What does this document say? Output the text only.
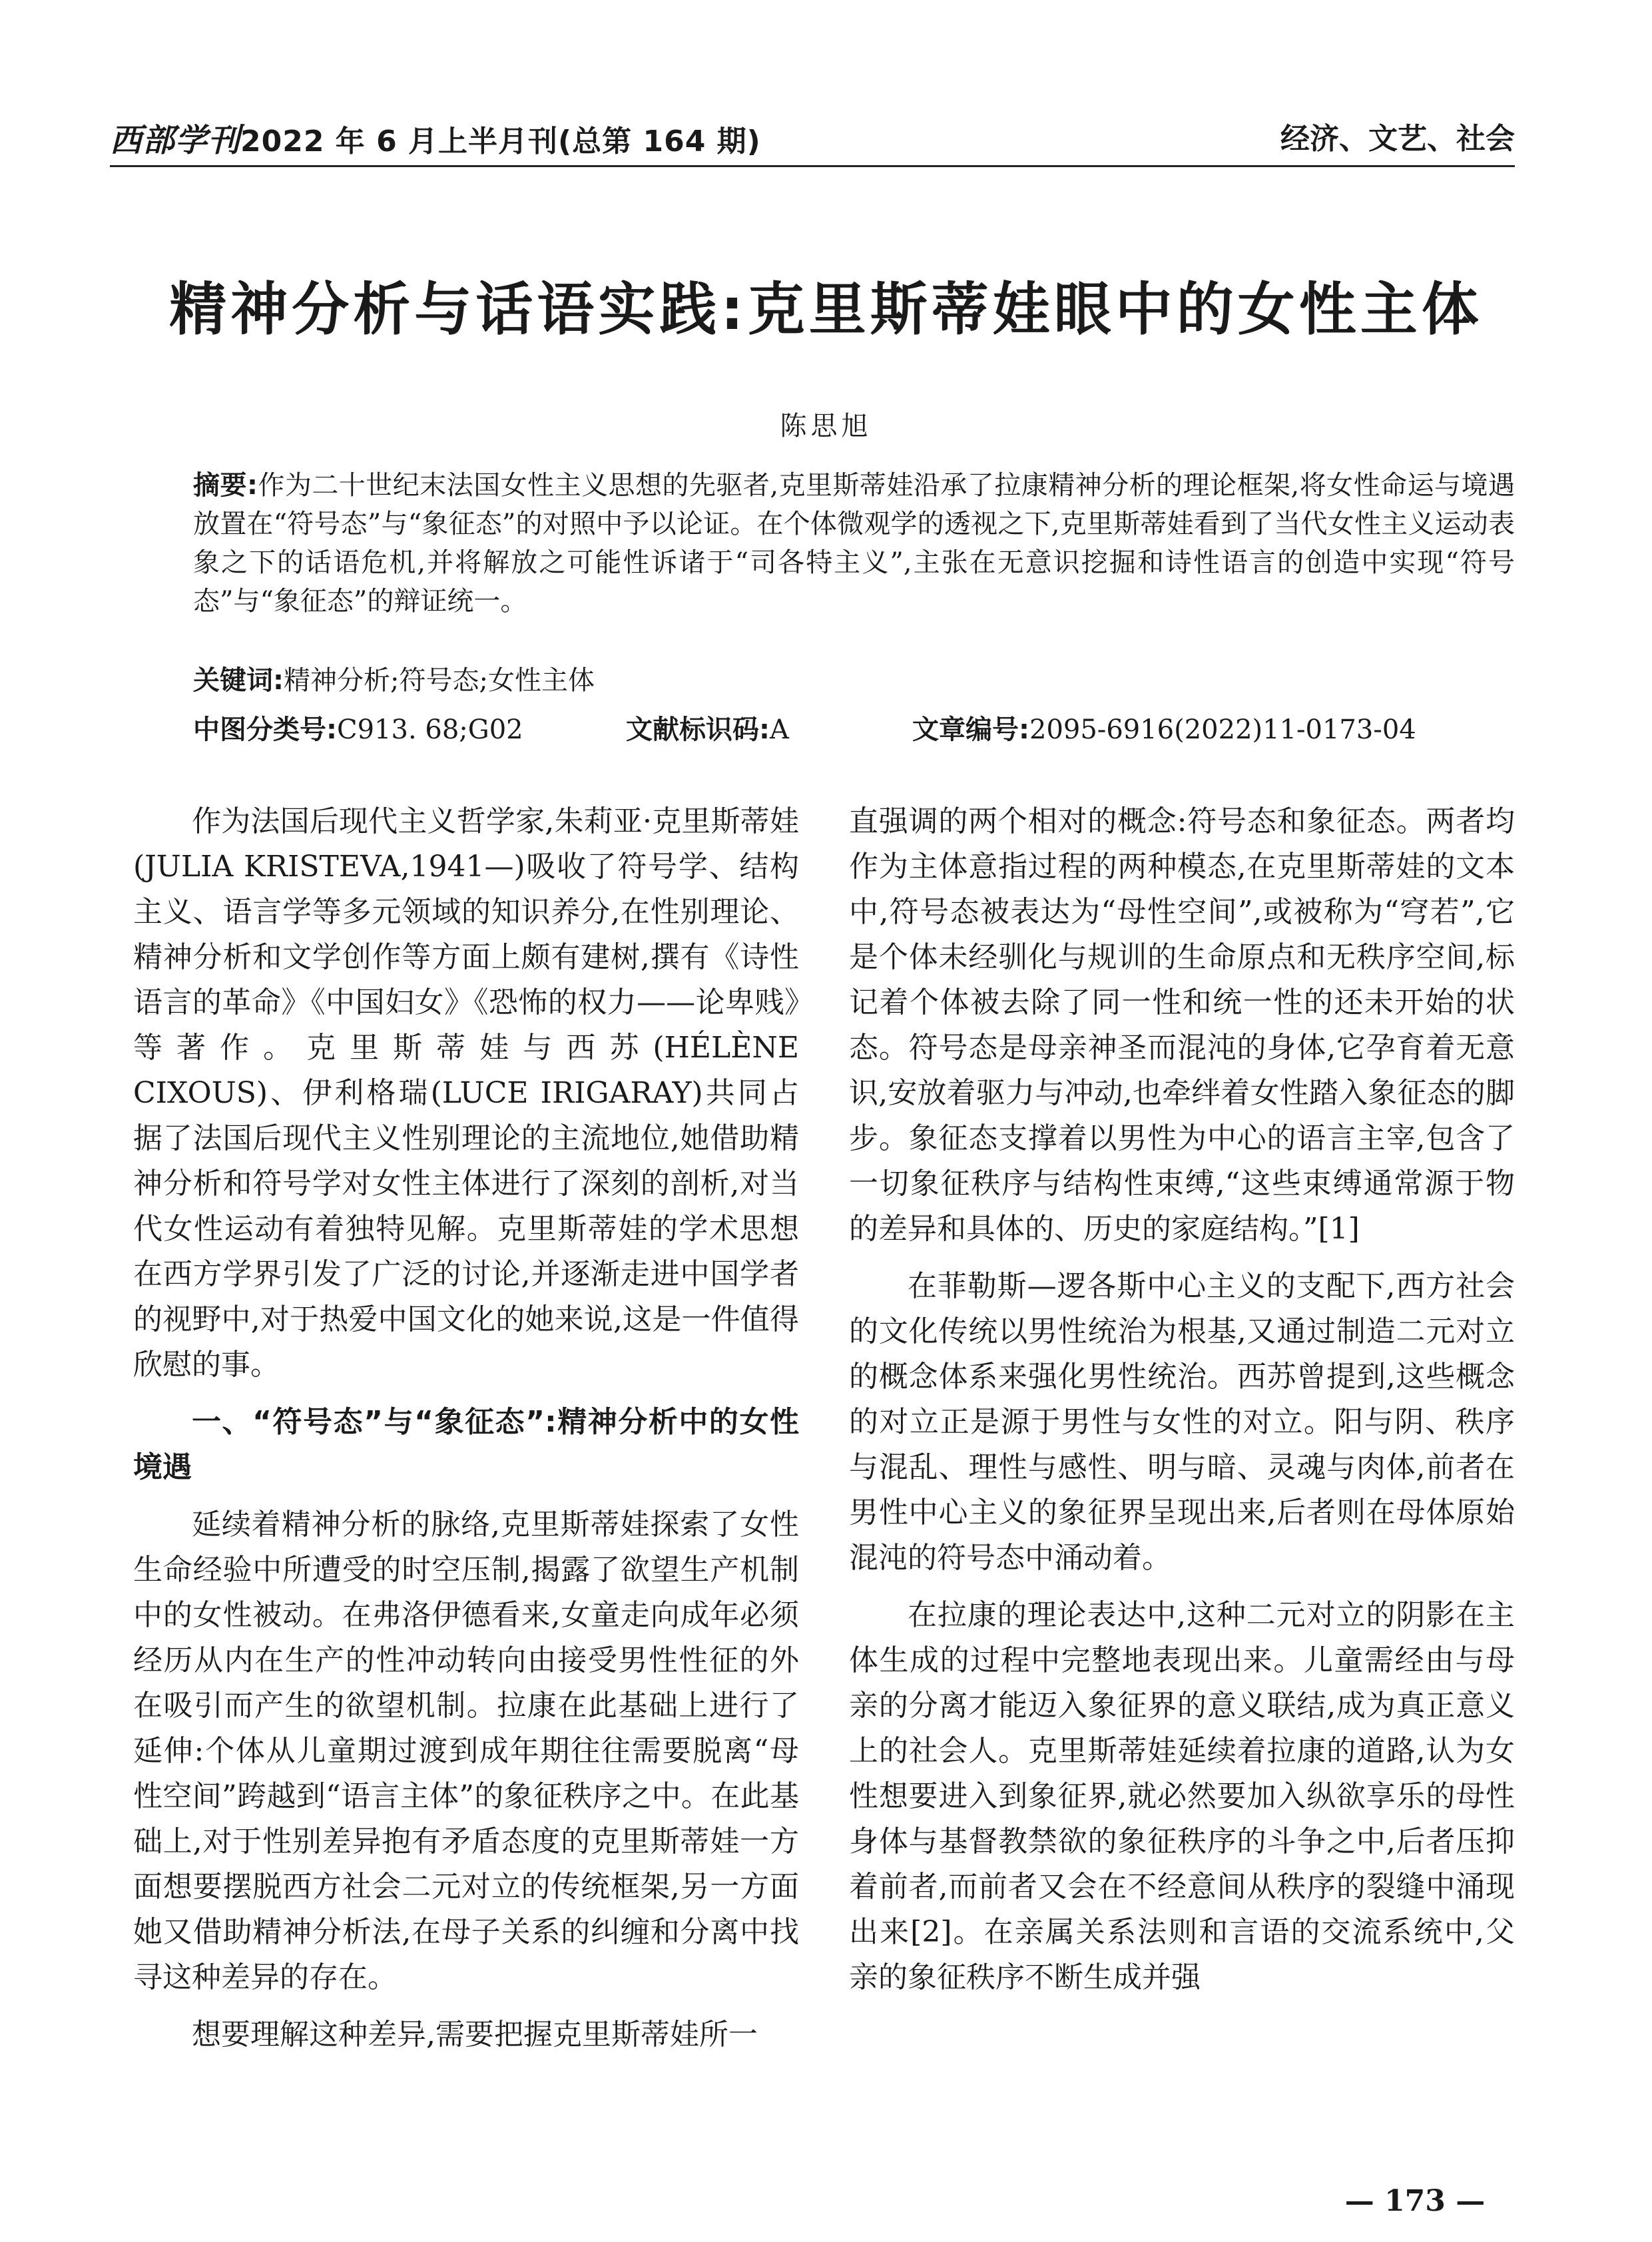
西部学刊2022 年 6 月上半月刊(总第 164 期)	经济、文艺、社会
精神分析与话语实践:克里斯蒂娃眼中的女性主体
陈思旭
摘要:作为二十世纪末法国女性主义思想的先驱者,克里斯蒂娃沿承了拉康精神分析的理论框架,将女性命运与境遇放置在“符号态”与“象征态”的对照中予以论证。在个体微观学的透视之下,克里斯蒂娃看到了当代女性主义运动表象之下的话语危机,并将解放之可能性诉诸于“司各特主义”,主张在无意识挖掘和诗性语言的创造中实现“符号态”与“象征态”的辩证统一。
关键词:精神分析;符号态;女性主体
中图分类号:C913. 68;G02	文献标识码:A	文章编号:2095-6916(2022)11-0173-04

作为法国后现代主义哲学家,朱莉亚·克里斯蒂娃(JULIA KRISTEVA,1941—)吸收了符号学、结构主义、语言学等多元领域的知识养分,在性别理论、精神分析和文学创作等方面上颇有建树,撰有《诗性语言的革命》《中国妇女》《恐怖的权力——论卑贱》等著作。克里斯蒂娃与西苏(HÉLÈNE CIXOUS)、伊利格瑞(LUCE IRIGARAY)共同占据了法国后现代主义性别理论的主流地位,她借助精神分析和符号学对女性主体进行了深刻的剖析,对当代女性运动有着独特见解。克里斯蒂娃的学术思想在西方学界引发了广泛的讨论,并逐渐走进中国学者的视野中,对于热爱中国文化的她来说,这是一件值得欣慰的事。

一、“符号态”与“象征态”:精神分析中的女性境遇

延续着精神分析的脉络,克里斯蒂娃探索了女性生命经验中所遭受的时空压制,揭露了欲望生产机制中的女性被动。在弗洛伊德看来,女童走向成年必须经历从内在生产的性冲动转向由接受男性性征的外在吸引而产生的欲望机制。拉康在此基础上进行了延伸:个体从儿童期过渡到成年期往往需要脱离“母性空间”跨越到“语言主体”的象征秩序之中。在此基础上,对于性别差异抱有矛盾态度的克里斯蒂娃一方面想要摆脱西方社会二元对立的传统框架,另一方面她又借助精神分析法,在母子关系的纠缠和分离中找寻这种差异的存在。

想要理解这种差异,需要把握克里斯蒂娃所一

直强调的两个相对的概念:符号态和象征态。两者均作为主体意指过程的两种模态,在克里斯蒂娃的文本中,符号态被表达为“母性空间”,或被称为“穹若”,它是个体未经驯化与规训的生命原点和无秩序空间,标记着个体被去除了同一性和统一性的还未开始的状态。符号态是母亲神圣而混沌的身体,它孕育着无意识,安放着驱力与冲动,也牵绊着女性踏入象征态的脚步。象征态支撑着以男性为中心的语言主宰,包含了一切象征秩序与结构性束缚,“这些束缚通常源于物的差异和具体的、历史的家庭结构。”[1]

在菲勒斯—逻各斯中心主义的支配下,西方社会的文化传统以男性统治为根基,又通过制造二元对立的概念体系来强化男性统治。西苏曾提到,这些概念的对立正是源于男性与女性的对立。阳与阴、秩序与混乱、理性与感性、明与暗、灵魂与肉体,前者在男性中心主义的象征界呈现出来,后者则在母体原始混沌的符号态中涌动着。

在拉康的理论表达中,这种二元对立的阴影在主体生成的过程中完整地表现出来。儿童需经由与母亲的分离才能迈入象征界的意义联结,成为真正意义上的社会人。克里斯蒂娃延续着拉康的道路,认为女性想要进入到象征界,就必然要加入纵欲享乐的母性身体与基督教禁欲的象征秩序的斗争之中,后者压抑着前者,而前者又会在不经意间从秩序的裂缝中涌现出来[2]。在亲属关系法则和言语的交流系统中,父亲的象征秩序不断生成并强

— 173 —
